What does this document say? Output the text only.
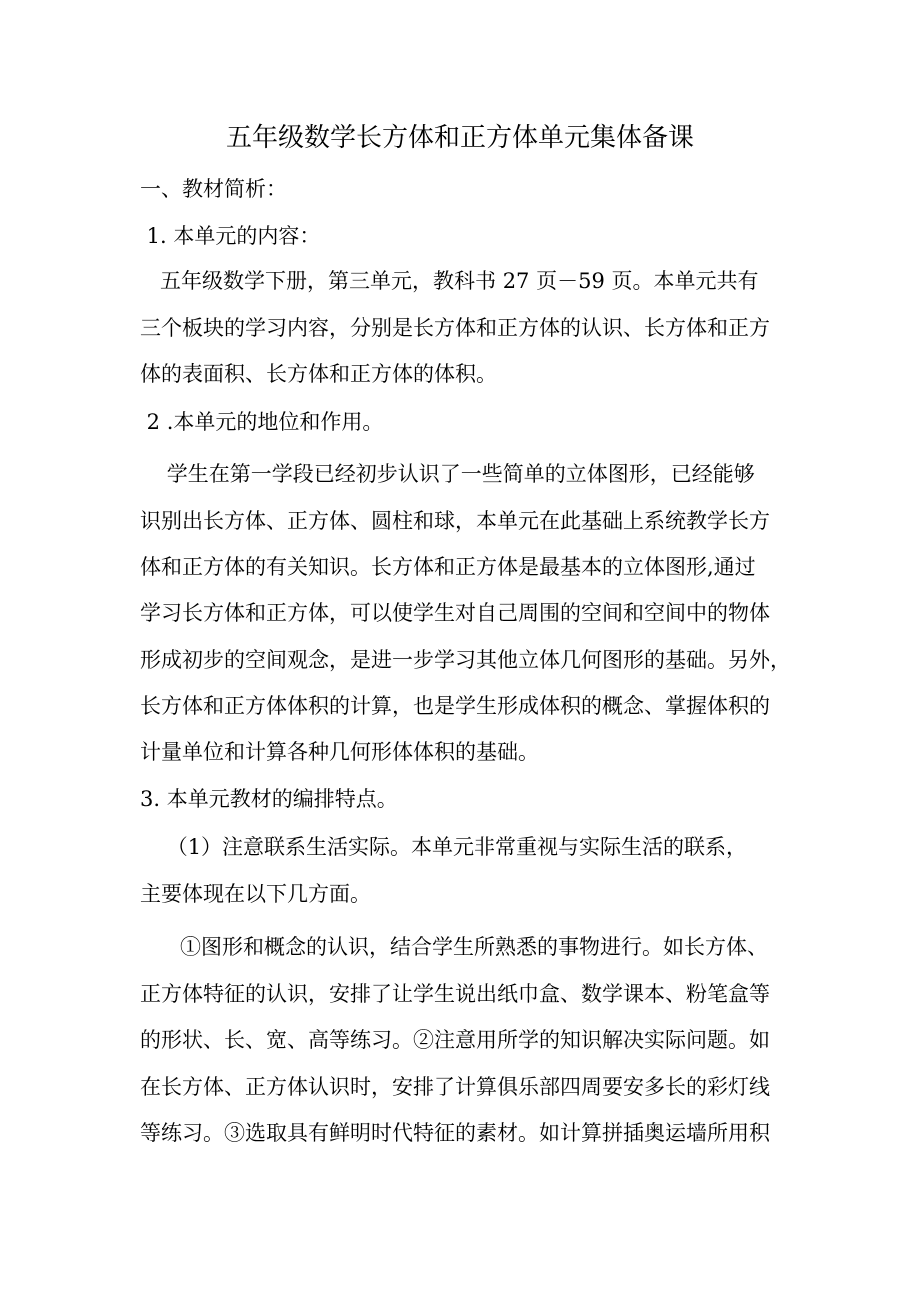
五年级数学长方体和正方体单元集体备课
一、教材简析：
1. 本单元的内容：
五年级数学下册，第三单元，教科书 27 页－59 页。本单元共有
三个板块的学习内容，分别是长方体和正方体的认识、长方体和正方
体的表面积、长方体和正方体的体积。
2 .本单元的地位和作用。
学生在第一学段已经初步认识了一些简单的立体图形，已经能够
识别出长方体、正方体、圆柱和球，本单元在此基础上系统教学长方
体和正方体的有关知识。长方体和正方体是最基本的立体图形,通过
学习长方体和正方体，可以使学生对自己周围的空间和空间中的物体
形成初步的空间观念，是进一步学习其他立体几何图形的基础。另外，
长方体和正方体体积的计算，也是学生形成体积的概念、掌握体积的
计量单位和计算各种几何形体体积的基础。
3. 本单元教材的编排特点。
（1）注意联系生活实际。本单元非常重视与实际生活的联系，
主要体现在以下几方面。
①图形和概念的认识，结合学生所熟悉的事物进行。如长方体、
正方体特征的认识，安排了让学生说出纸巾盒、数学课本、粉笔盒等
的形状、长、宽、高等练习。②注意用所学的知识解决实际问题。如
在长方体、正方体认识时，安排了计算俱乐部四周要安多长的彩灯线
等练习。③选取具有鲜明时代特征的素材。如计算拼插奥运墙所用积
